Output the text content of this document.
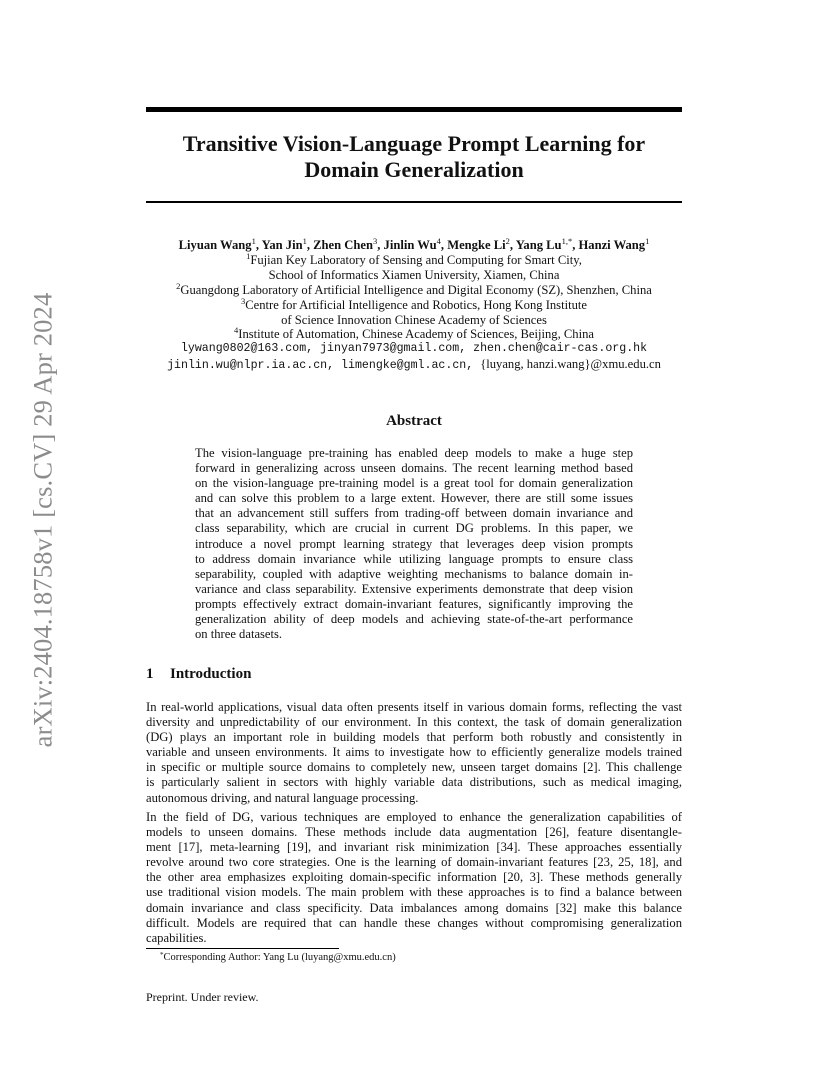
arXiv:2404.18758v1 [cs.CV] 29 Apr 2024
Transitive Vision-Language Prompt Learning for
Domain Generalization
Liyuan Wang$^1$, Yan Jin$^1$, Zhen Chen$^3$, Jinlin Wu$^4$, Mengke Li$^2$, Yang $Lu^{1,*}$, Hanzi Wang$^1$
$^1$Fujian Key Laboratory of Sensing and Computing for Smart City,
School of Informatics Xiamen University, Xiamen, China
$^2$Guangdong Laboratory of Artificial Intelligence and Digital Economy (SZ), Shenzhen, China
$^3$Centre for Artificial Intelligence and Robotics, Hong Kong Institute
of Science Innovation Chinese Academy of Sciences
$^4$Institute of Automation, Chinese Academy of Sciences, Beijing, China
lywang0802@163.com, jinyan7973@gmail.com, zhen.chen@cair-cas.org.hk
jinlin.wu@nlpr.ia.ac.cn, limengke@gml.ac.cn, {luyang, hanzi.wang}@xmu.edu.cn
Abstract
The vision-language pre-training has enabled deep models to make a huge step
forward in generalizing across unseen domains. The recent learning method based
on the vision-language pre-training model is a great tool for domain generalization
and can solve this problem to a large extent. However, there are still some issues
that an advancement still suffers from trading-off between domain invariance and
class separability, which are crucial in current DG problems. In this paper, we
introduce a novel prompt learning strategy that leverages deep vision prompts
to address domain invariance while utilizing language prompts to ensure class
separability, coupled with adaptive weighting mechanisms to balance domain in-
variance and class separability. Extensive experiments demonstrate that deep vision
prompts effectively extract domain-invariant features, significantly improving the
generalization ability of deep models and achieving state-of-the-art performance
on three datasets.
1 Introduction
In real-world applications, visual data often presents itself in various domain forms, reflecting the vast
diversity and unpredictability of our environment. In this context, the task of domain generalization
(DG) plays an important role in building models that perform both robustly and consistently in
variable and unseen environments. It aims to investigate how to efficiently generalize models trained
in specific or multiple source domains to completely new, unseen target domains [2]. This challenge
is particularly salient in sectors with highly variable data distributions, such as medical imaging,
autonomous driving, and natural language processing.
In the field of DG, various techniques are employed to enhance the generalization capabilities of
models to unseen domains. These methods include data augmentation [26], feature disentangle-
ment [17], meta-learning [19], and invariant risk minimization [34]. These approaches essentially
revolve around two core strategies. One is the learning of domain-invariant features [23, 25, 18], and
the other area emphasizes exploiting domain-specific information [20, 3]. These methods generally
use traditional vision models. The main problem with these approaches is to find a balance between
domain invariance and class specificity. Data imbalances among domains [32] make this balance
difficult. Models are required that can handle these changes without compromising generalization
capabilities.
*Corresponding Author: Yang Lu (luyang@xmu.edu.cn)
Preprint. Under review.
